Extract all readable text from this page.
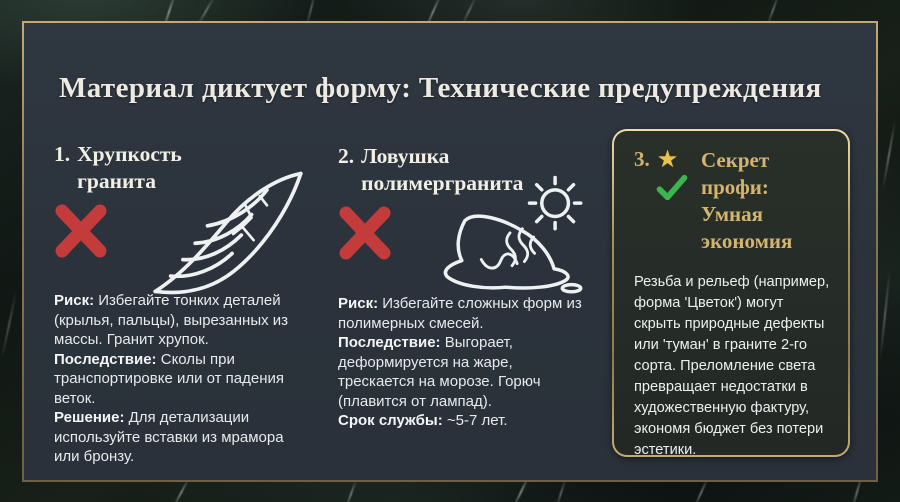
Материал диктует форму: Технические предупреждения
1. Хрупкость
гранита

Риск: Избегайте тонких деталей (крылья, пальцы), вырезанных из массы. Гранит хрупок.

Последствие: Сколы при транспортировке или от падения веток.

Решение: Для детализации используйте вставки из мрамора или бронзу.

2. Ловушка
полимергранита

Риск: Избегайте сложных форм из полимерных смесей.

Последствие: Выгорает, деформируется на жаре, трескается на морозе. Горюч (плавится от лампад).

Срок службы: ~5-7 лет.

3. ★ Секрет профи:
Умная экономия

Резьба и рельеф (например, форма 'Цветок') могут скрыть природные дефекты или 'туман' в граните 2-го сорта. Преломление света превращает недостатки в художественную фактуру, экономя бюджет без потери эстетики.
